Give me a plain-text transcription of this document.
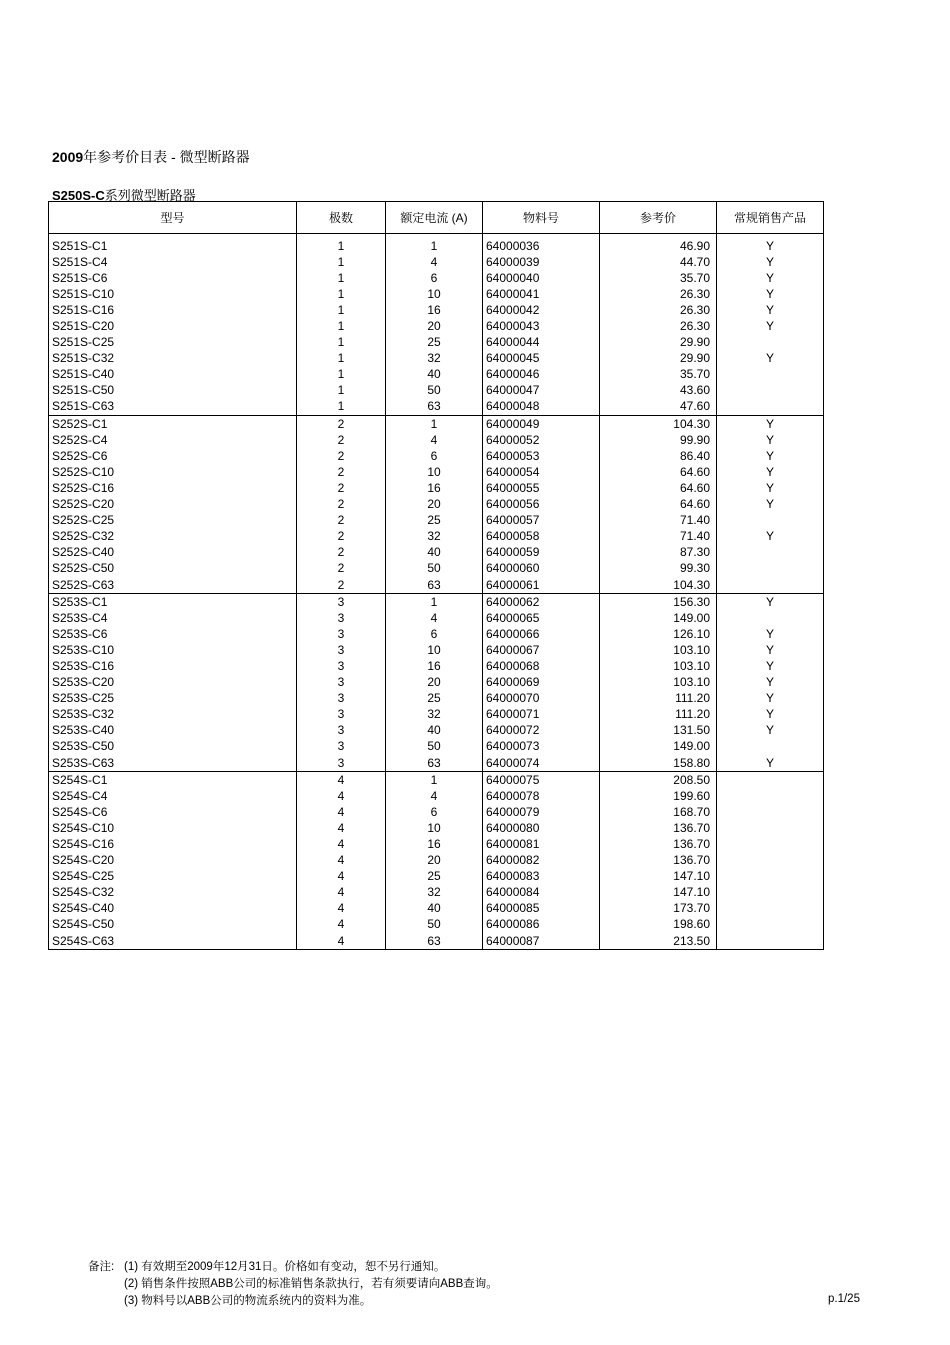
2009年参考价目表 - 微型断路器
S250S-C系列微型断路器
型号	极数	额定电流 (A)	物料号	参考价	常规销售产品
S251S-C1	1	1	64000036	46.90	Y
S251S-C4	1	4	64000039	44.70	Y
S251S-C6	1	6	64000040	35.70	Y
S251S-C10	1	10	64000041	26.30	Y
S251S-C16	1	16	64000042	26.30	Y
S251S-C20	1	20	64000043	26.30	Y
S251S-C25	1	25	64000044	29.90	
S251S-C32	1	32	64000045	29.90	Y
S251S-C40	1	40	64000046	35.70	
S251S-C50	1	50	64000047	43.60	
S251S-C63	1	63	64000048	47.60	
S252S-C1	2	1	64000049	104.30	Y
S252S-C4	2	4	64000052	99.90	Y
S252S-C6	2	6	64000053	86.40	Y
S252S-C10	2	10	64000054	64.60	Y
S252S-C16	2	16	64000055	64.60	Y
S252S-C20	2	20	64000056	64.60	Y
S252S-C25	2	25	64000057	71.40	
S252S-C32	2	32	64000058	71.40	Y
S252S-C40	2	40	64000059	87.30	
S252S-C50	2	50	64000060	99.30	
S252S-C63	2	63	64000061	104.30	
S253S-C1	3	1	64000062	156.30	Y
S253S-C4	3	4	64000065	149.00	
S253S-C6	3	6	64000066	126.10	Y
S253S-C10	3	10	64000067	103.10	Y
S253S-C16	3	16	64000068	103.10	Y
S253S-C20	3	20	64000069	103.10	Y
S253S-C25	3	25	64000070	111.20	Y
S253S-C32	3	32	64000071	111.20	Y
S253S-C40	3	40	64000072	131.50	Y
S253S-C50	3	50	64000073	149.00	
S253S-C63	3	63	64000074	158.80	Y
S254S-C1	4	1	64000075	208.50	
S254S-C4	4	4	64000078	199.60	
S254S-C6	4	6	64000079	168.70	
S254S-C10	4	10	64000080	136.70	
S254S-C16	4	16	64000081	136.70	
S254S-C20	4	20	64000082	136.70	
S254S-C25	4	25	64000083	147.10	
S254S-C32	4	32	64000084	147.10	
S254S-C40	4	40	64000085	173.70	
S254S-C50	4	50	64000086	198.60	
S254S-C63	4	63	64000087	213.50	
备注: (1) 有效期至2009年12月31日。价格如有变动，恕不另行通知。
(2) 销售条件按照ABB公司的标准销售条款执行，若有须要请向ABB查询。
(3) 物料号以ABB公司的物流系统内的资料为准。	p.1/25
